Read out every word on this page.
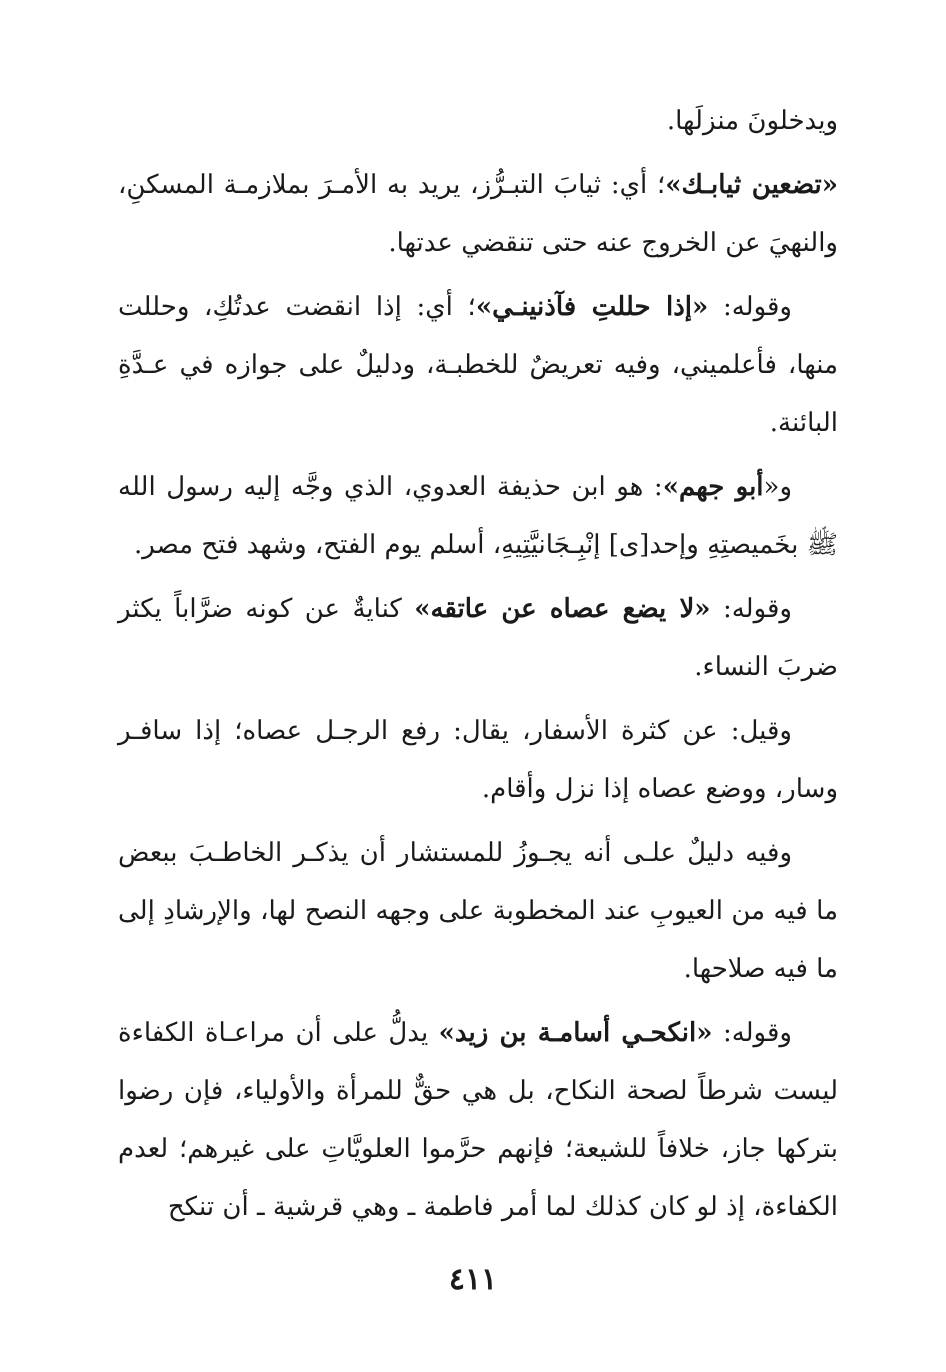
ويدخلونَ منزلَها.

«تضعين ثيابـك»؛ أي: ثيابَ التبـرُّز، يريد به الأمـرَ بملازمـة المسكنِ، والنهيَ عن الخروج عنه حتى تنقضي عدتها.

وقوله: «إذا حللتِ فآذنينـي»؛ أي: إذا انقضت عدتُكِ، وحللت منها، فأعلميني، وفيه تعريضٌ للخطبـة، ودليلٌ على جوازه في عـدَّةِ البائنة.

و«أبو جهم»: هو ابن حذيفة العدوي، الذي وجَّه إليه رسول الله ﷺ بخَميصتِهِ وإحد[ى] إنْبِـجَانيَّتِيهِ، أسلم يوم الفتح، وشهد فتح مصر.

وقوله: «لا يضع عصاه عن عاتقه» كنايةٌ عن كونه ضرَّاباً يكثر ضربَ النساء.

وقيل: عن كثرة الأسفار، يقال: رفع الرجـل عصاه؛ إذا سافـر وسار، ووضع عصاه إذا نزل وأقام.

وفيه دليلٌ علـى أنه يجـوزُ للمستشار أن يذكـر الخاطـبَ ببعض ما فيه من العيوبِ عند المخطوبة على وجهه النصح لها، والإرشادِ إلى ما فيه صلاحها.

وقوله: «انكحـي أسامـة بن زيد» يدلُّ على أن مراعـاة الكفاءة ليست شرطاً لصحة النكاح، بل هي حقٌّ للمرأة والأولياء، فإن رضوا بتركها جاز، خلافاً للشيعة؛ فإنهم حرَّموا العلويَّاتِ على غيرهم؛ لعدم الكفاءة، إذ لو كان كذلك لما أمر فاطمة ـ وهي قرشية ـ أن تنكح

٤١١
